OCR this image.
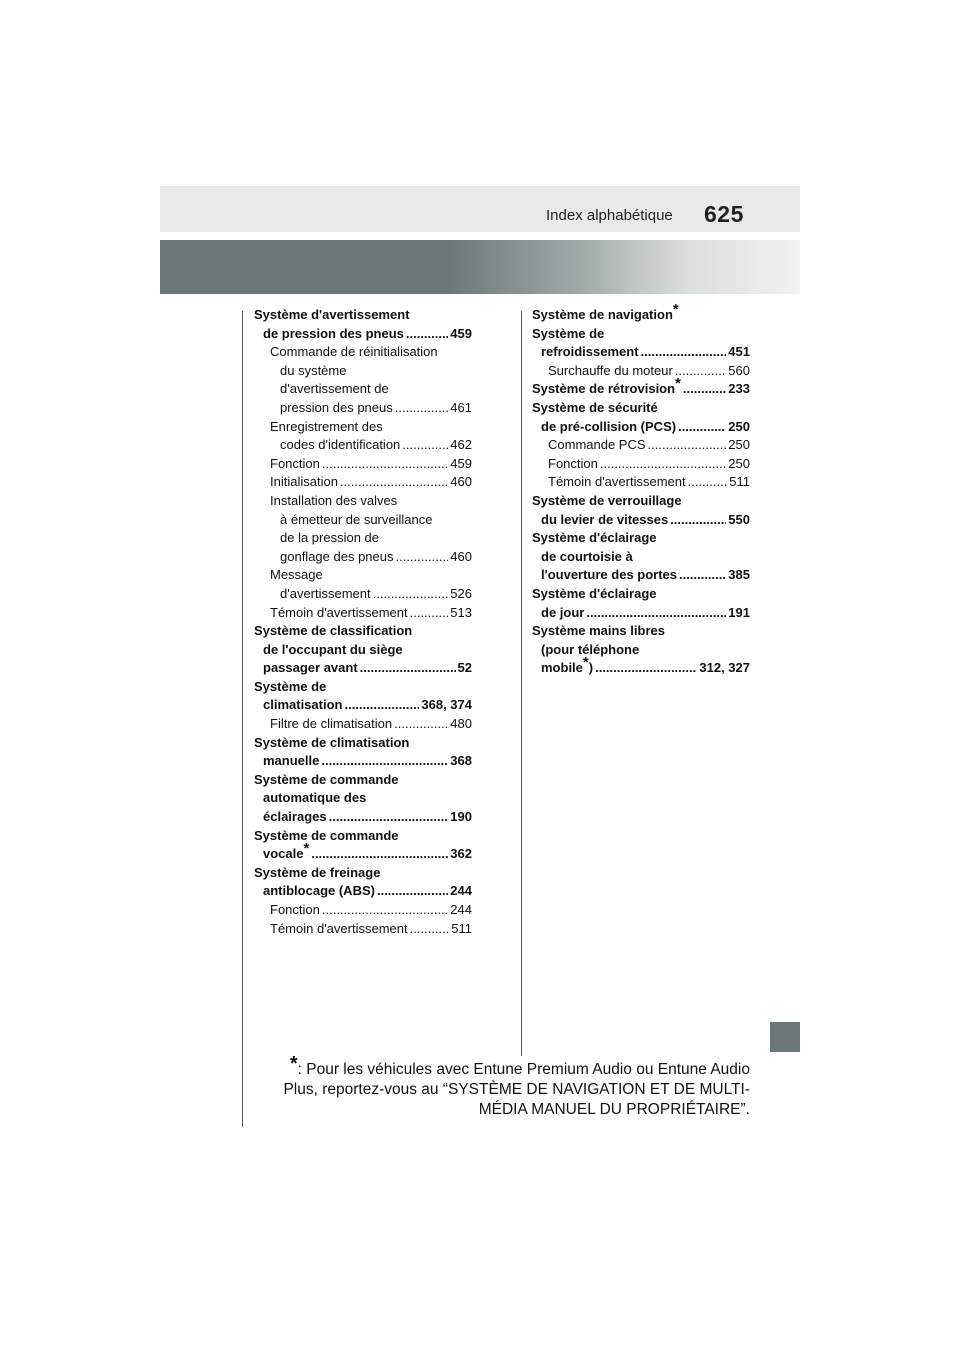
Index alphabétique 625
Système d'avertissement
de pression des pneus .....	459
Commande de réinitialisation
du système
d'avertissement de
pression des pneus .....	461
Enregistrement des
codes d'identification .....	462
Fonction .....	459
Initialisation .....	460
Installation des valves
à émetteur de surveillance
de la pression de
gonflage des pneus .....	460
Message
d'avertissement .....	526
Témoin d'avertissement .....	513
Système de classification
de l'occupant du siège
passager avant .....	52
Système de
climatisation .....	368, 374
Filtre de climatisation .....	480
Système de climatisation
manuelle .....	368
Système de commande
automatique des
éclairages .....	190
Système de commande
vocale* .....	362
Système de freinage
antiblocage (ABS) .....	244
Fonction .....	244
Témoin d'avertissement .....	511
Système de navigation*
Système de
refroidissement .....	451
Surchauffe du moteur .....	560
Système de rétrovision* .....	233
Système de sécurité
de pré-collision (PCS) .....	250
Commande PCS .....	250
Fonction .....	250
Témoin d'avertissement .....	511
Système de verrouillage
du levier de vitesses .....	550
Système d'éclairage
de courtoisie à
l'ouverture des portes .....	385
Système d'éclairage
de jour .....	191
Système mains libres
(pour téléphone
mobile*) .....	312, 327
*: Pour les véhicules avec Entune Premium Audio ou Entune Audio
Plus, reportez-vous au “SYSTÈME DE NAVIGATION ET DE MULTI-
MÉDIA MANUEL DU PROPRIÉTAIRE”.
